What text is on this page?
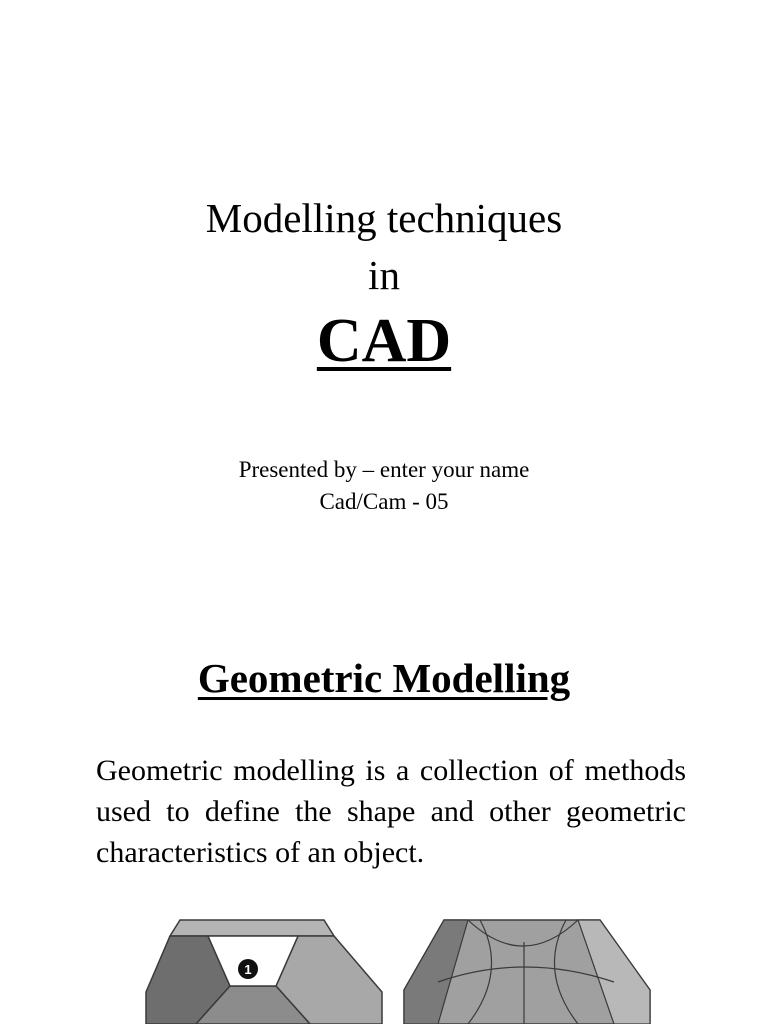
Modelling techniques
in
CAD
Presented by – enter your name
Cad/Cam - 05
Geometric Modelling
Geometric modelling is a collection of methods used to define the shape and other geometric characteristics of an object.
1
